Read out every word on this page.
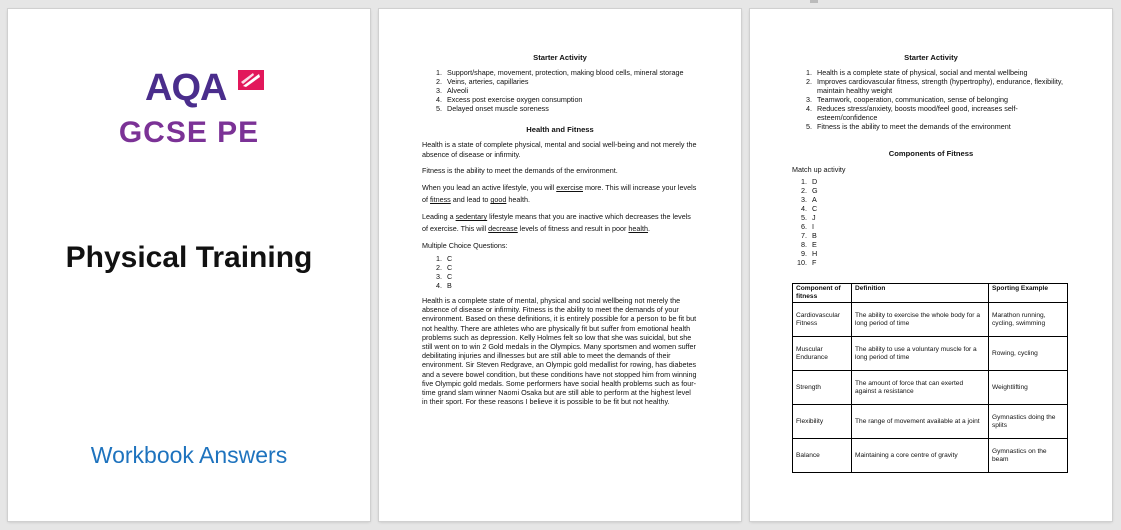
AQA
GCSE PE
Physical Training
Workbook Answers
Starter Activity
1. Support/shape, movement, protection, making blood cells, mineral storage
2. Veins, arteries, capillaries
3. Alveoli
4. Excess post exercise oxygen consumption
5. Delayed onset muscle soreness
Health and Fitness

Health is a state of complete physical, mental and social well-being and not merely the absence of disease or infirmity.

Fitness is the ability to meet the demands of the environment.

When you lead an active lifestyle, you will exercise more. This will increase your levels of fitness and lead to good health.

Leading a sedentary lifestyle means that you are inactive which decreases the levels of exercise. This will decrease levels of fitness and result in poor health.

Multiple Choice Questions:

1. C
2. C
3. C
4. B
Health is a complete state of mental, physical and social wellbeing not merely the absence of disease or infirmity. Fitness is the ability to meet the demands of your environment. Based on these definitions, it is entirely possible for a person to be fit but not healthy. There are athletes who are physically fit but suffer from emotional health problems such as depression. Kelly Holmes felt so low that she was suicidal, but she still went on to win 2 Gold medals in the Olympics. Many sportsmen and women suffer debilitating injuries and illnesses but are still able to meet the demands of their environment. Sir Steven Redgrave, an Olympic gold medallist for rowing, has diabetes and a severe bowel condition, but these conditions have not stopped him from winning five Olympic gold medals. Some performers have social health problems such as four-time grand slam winner Naomi Osaka but are still able to perform at the highest level in their sport. For these reasons I believe it is possible to be fit but not healthy.
Starter Activity
1. Health is a complete state of physical, social and mental wellbeing
2. Improves cardiovascular fitness, strength (hypertrophy), endurance, flexibility, maintain healthy weight
3. Teamwork, cooperation, communication, sense of belonging
4. Reduces stress/anxiety, boosts mood/feel good, increases self-esteem/confidence
5. Fitness is the ability to meet the demands of the environment
Components of Fitness

Match up activity

1. D
2. G
3. A
4. C
5. J
6. I
7. B
8. E
9. H
10. F
Component of fitness	Definition	Sporting Example
Cardiovascular Fitness	The ability to exercise the whole body for a long period of time	Marathon running, cycling, swimming
Muscular Endurance	The ability to use a voluntary muscle for a long period of time	Rowing, cycling
Strength	The amount of force that can exerted against a resistance	Weightlifting
Flexibility	The range of movement available at a joint	Gymnastics doing the splits
Balance	Maintaining a core centre of gravity	Gymnastics on the beam
